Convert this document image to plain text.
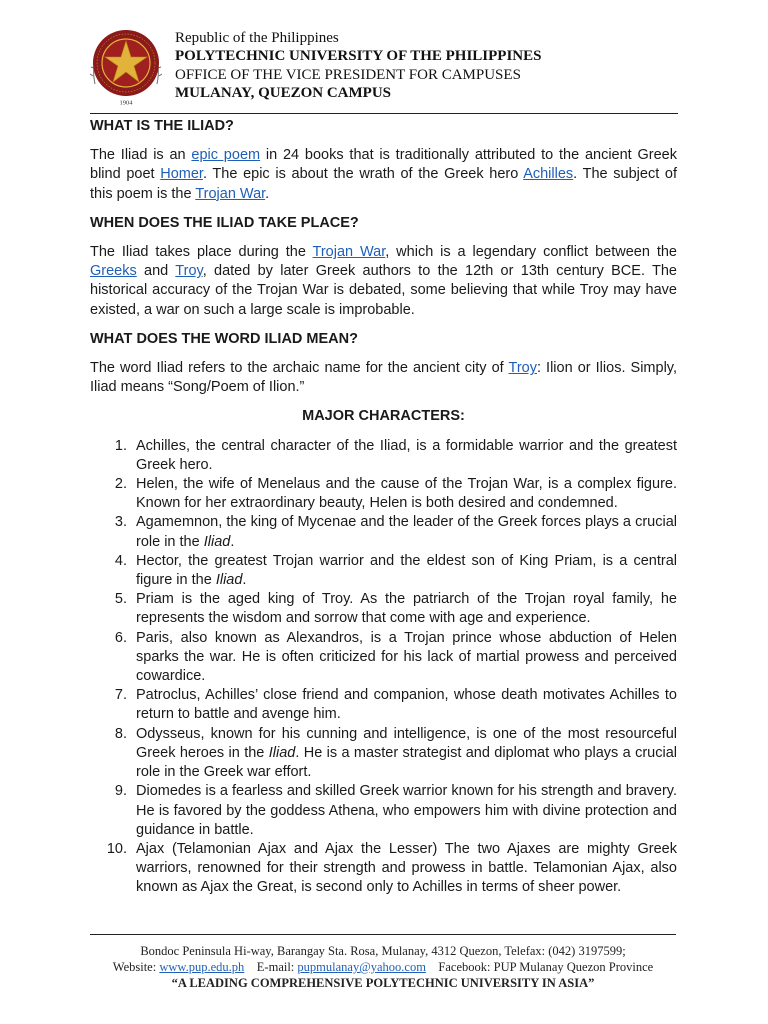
1904
Republic of the Philippines
POLYTECHNIC UNIVERSITY OF THE PHILIPPINES
OFFICE OF THE VICE PRESIDENT FOR CAMPUSES
MULANAY, QUEZON CAMPUS
WHAT IS THE ILIAD?

The Iliad is an epic poem in 24 books that is traditionally attributed to the ancient Greek blind poet Homer. The epic is about the wrath of the Greek hero Achilles. The subject of this poem is the Trojan War.

WHEN DOES THE ILIAD TAKE PLACE?

The Iliad takes place during the Trojan War, which is a legendary conflict between the Greeks and Troy, dated by later Greek authors to the 12th or 13th century BCE. The historical accuracy of the Trojan War is debated, some believing that while Troy may have existed, a war on such a large scale is improbable.

WHAT DOES THE WORD ILIAD MEAN?

The word Iliad refers to the archaic name for the ancient city of Troy: Ilion or Ilios. Simply, Iliad means “Song/Poem of Ilion.”

MAJOR CHARACTERS:
1. Achilles, the central character of the Iliad, is a formidable warrior and the greatest Greek hero.
2. Helen, the wife of Menelaus and the cause of the Trojan War, is a complex figure. Known for her extraordinary beauty, Helen is both desired and condemned.
3. Agamemnon, the king of Mycenae and the leader of the Greek forces plays a crucial role in the Iliad.
4. Hector, the greatest Trojan warrior and the eldest son of King Priam, is a central figure in the Iliad.
5. Priam is the aged king of Troy. As the patriarch of the Trojan royal family, he represents the wisdom and sorrow that come with age and experience.
6. Paris, also known as Alexandros, is a Trojan prince whose abduction of Helen sparks the war. He is often criticized for his lack of martial prowess and perceived cowardice.
7. Patroclus, Achilles’ close friend and companion, whose death motivates Achilles to return to battle and avenge him.
8. Odysseus, known for his cunning and intelligence, is one of the most resourceful Greek heroes in the Iliad. He is a master strategist and diplomat who plays a crucial role in the Greek war effort.
9. Diomedes is a fearless and skilled Greek warrior known for his strength and bravery. He is favored by the goddess Athena, who empowers him with divine protection and guidance in battle.
10. Ajax (Telamonian Ajax and Ajax the Lesser) The two Ajaxes are mighty Greek warriors, renowned for their strength and prowess in battle. Telamonian Ajax, also known as Ajax the Great, is second only to Achilles in terms of sheer power.
Bondoc Peninsula Hi-way, Barangay Sta. Rosa, Mulanay, 4312 Quezon, Telefax: (042) 3197599;
Website: www.pup.edu.ph E-mail: pupmulanay@yahoo.com Facebook: PUP Mulanay Quezon Province
“A LEADING COMPREHENSIVE POLYTECHNIC UNIVERSITY IN ASIA”
